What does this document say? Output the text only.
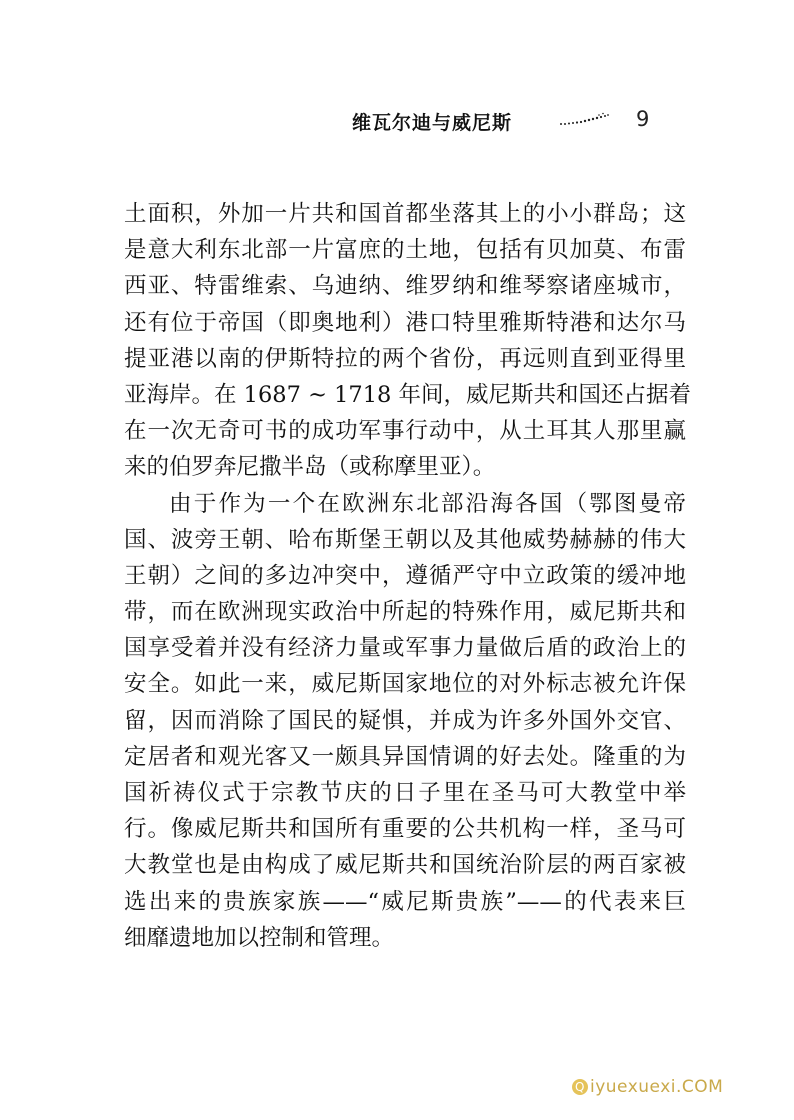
维瓦尔迪与威尼斯	9
土面积，外加一片共和国首都坐落其上的小小群岛；这
是意大利东北部一片富庶的土地，包括有贝加莫、布雷
西亚、特雷维索、乌迪纳、维罗纳和维琴察诸座城市，
还有位于帝国（即奥地利）港口特里雅斯特港和达尔马
提亚港以南的伊斯特拉的两个省份，再远则直到亚得里
亚海岸。在 1687 ~ 1718 年间，威尼斯共和国还占据着
在一次无奇可书的成功军事行动中，从土耳其人那里赢
来的伯罗奔尼撒半岛（或称摩里亚）。
由于作为一个在欧洲东北部沿海各国（鄂图曼帝
国、波旁王朝、哈布斯堡王朝以及其他威势赫赫的伟大
王朝）之间的多边冲突中，遵循严守中立政策的缓冲地
带，而在欧洲现实政治中所起的特殊作用，威尼斯共和
国享受着并没有经济力量或军事力量做后盾的政治上的
安全。如此一来，威尼斯国家地位的对外标志被允许保
留，因而消除了国民的疑惧，并成为许多外国外交官、
定居者和观光客又一颇具异国情调的好去处。隆重的为
国祈祷仪式于宗教节庆的日子里在圣马可大教堂中举
行。像威尼斯共和国所有重要的公共机构一样，圣马可
大教堂也是由构成了威尼斯共和国统治阶层的两百家被
选出来的贵族家族——“威尼斯贵族”——的代表来巨
细靡遗地加以控制和管理。
Q iyuexuexi.COM
